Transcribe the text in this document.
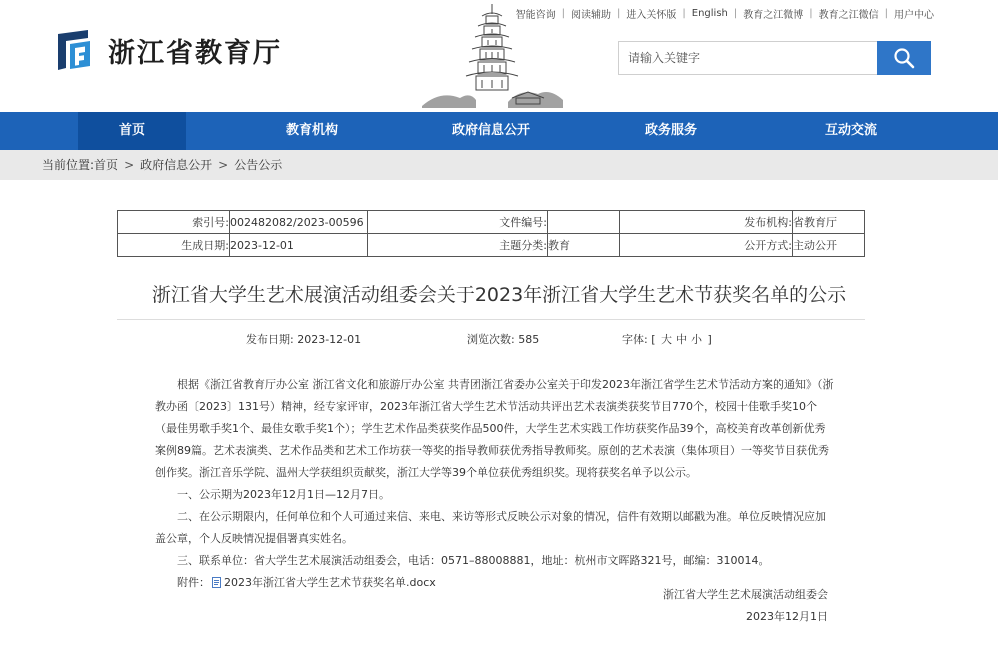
智能咨询 | 阅读辅助 | 进入关怀版 | English | 教育之江微博 | 教育之江微信 | 用户中心
浙江省教育厅
请输入关键字
首页	教育机构	政府信息公开	政务服务	互动交流
当前位置:首页 > 政府信息公开 > 公告公示
索引号:	002482082/2023-00596	文件编号:		发布机构:	省教育厅
生成日期:	2023-12-01	主题分类:	教育	公开方式:	主动公开
浙江省大学生艺术展演活动组委会关于2023年浙江省大学生艺术节获奖名单的公示
发布日期: 2023-12-01	浏览次数: 585	字体: [ 大 中 小 ]

根据《浙江省教育厅办公室 浙江省文化和旅游厅办公室 共青团浙江省委办公室关于印发2023年浙江省学生艺术节活动方案的通知》（浙教办函〔2023〕131号）精神，经专家评审，2023年浙江省大学生艺术节活动共评出艺术表演类获奖节目770个，校园十佳歌手奖10个（最佳男歌手奖1个、最佳女歌手奖1个）；学生艺术作品类获奖作品500件，大学生艺术实践工作坊获奖作品39个，高校美育改革创新优秀案例89篇。艺术表演类、艺术作品类和艺术工作坊获一等奖的指导教师获优秀指导教师奖。原创的艺术表演（集体项目）一等奖节目获优秀创作奖。浙江音乐学院、温州大学获组织贡献奖，浙江大学等39个单位获优秀组织奖。现将获奖名单予以公示。

一、公示期为2023年12月1日—12月7日。

二、在公示期限内，任何单位和个人可通过来信、来电、来访等形式反映公示对象的情况，信件有效期以邮戳为准。单位反映情况应加盖公章，个人反映情况提倡署真实姓名。

三、联系单位：省大学生艺术展演活动组委会，电话：0571–88008881，地址：杭州市文晖路321号，邮编：310014。

附件： 2023年浙江省大学生艺术节获奖名单.docx
浙江省大学生艺术展演活动组委会
2023年12月1日
